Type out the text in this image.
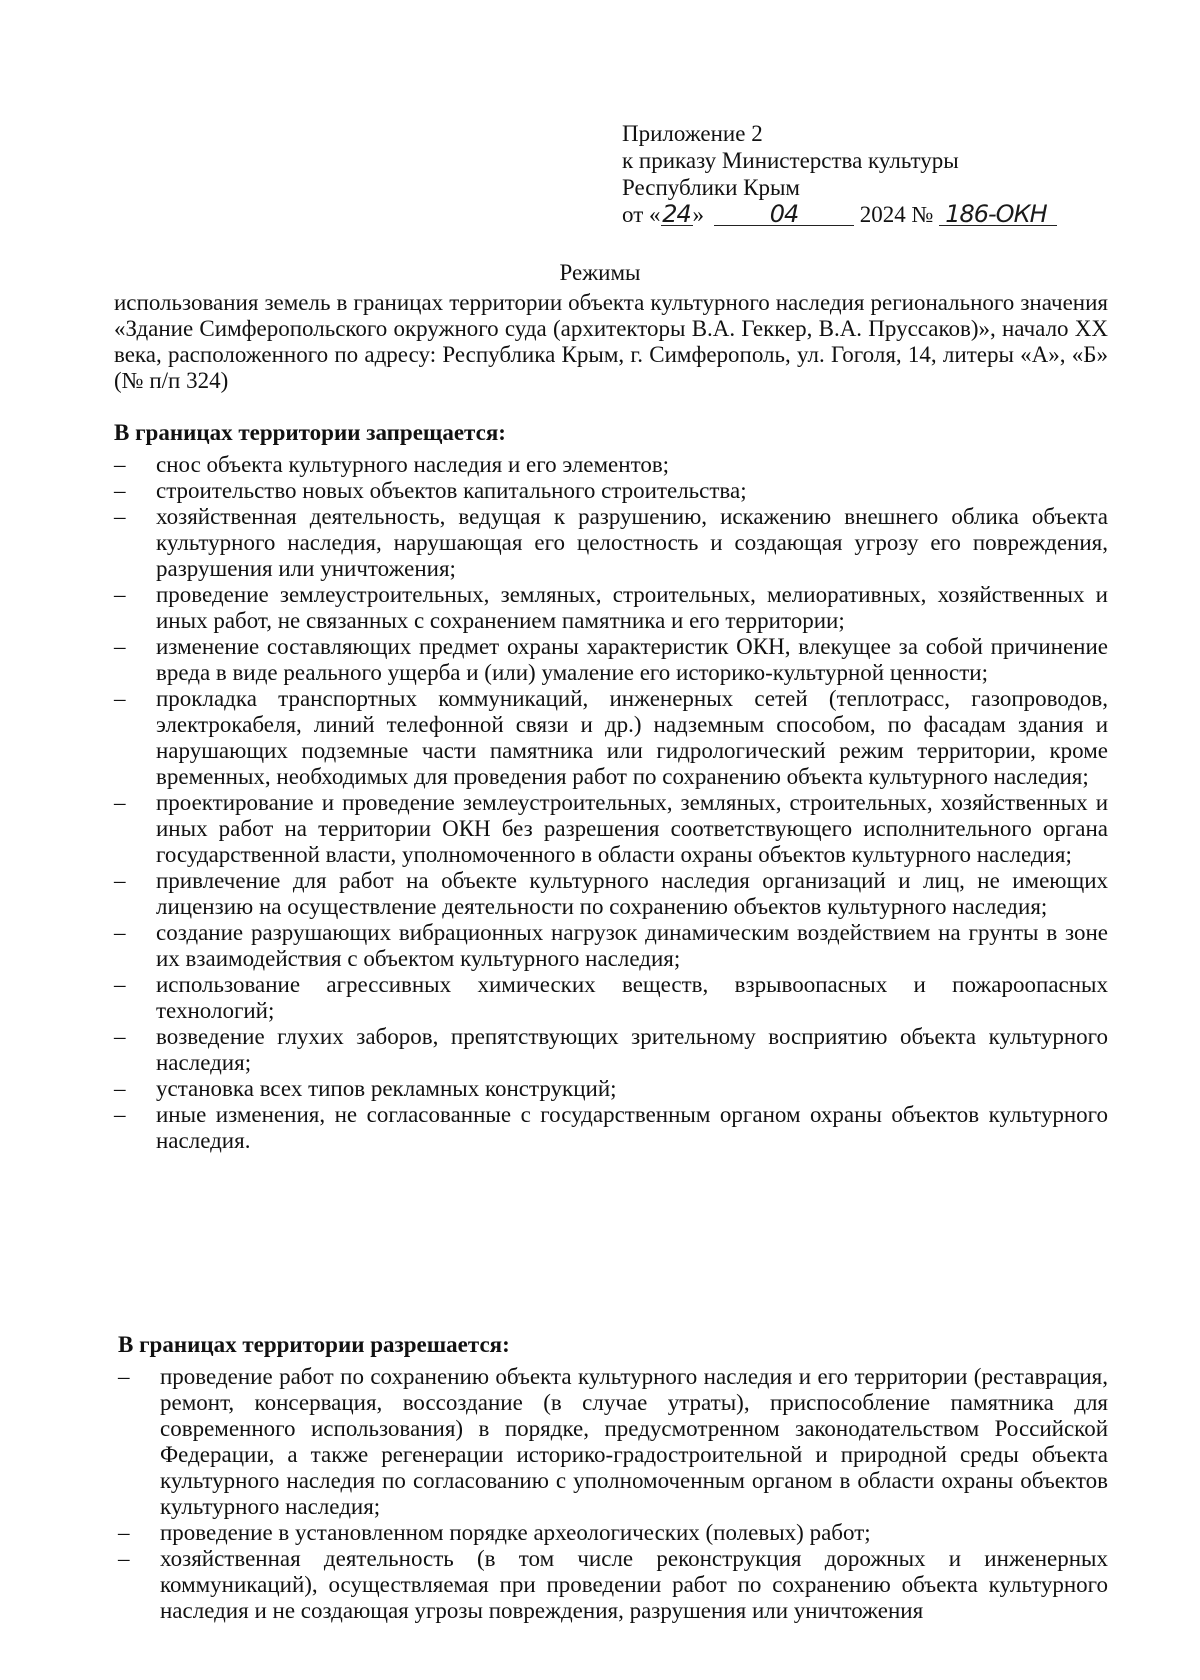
Приложение 2
к приказу Министерства культуры
Республики Крым
от «24»	04	2024 № 186-ОКН
Режимы
использования земель в границах территории объекта культурного наследия регионального значения «Здание Симферопольского окружного суда (архитекторы В.А. Геккер, В.А. Пруссаков)», начало XX века, расположенного по адресу: Республика Крым, г. Симферополь, ул. Гоголя, 14, литеры «А», «Б» (№ п/п 324)
В границах территории запрещается:
–	снос объекта культурного наследия и его элементов;
–	строительство новых объектов капитального строительства;
–	хозяйственная деятельность, ведущая к разрушению, искажению внешнего облика объекта культурного наследия, нарушающая его целостность и создающая угрозу его повреждения, разрушения или уничтожения;
–	проведение землеустроительных, земляных, строительных, мелиоративных, хозяйственных и иных работ, не связанных с сохранением памятника и его территории;
–	изменение составляющих предмет охраны характеристик ОКН, влекущее за собой причинение вреда в виде реального ущерба и (или) умаление его историко-культурной ценности;
–	прокладка транспортных коммуникаций, инженерных сетей (теплотрасс, газопроводов, электрокабеля, линий телефонной связи и др.) надземным способом, по фасадам здания и нарушающих подземные части памятника или гидрологический режим территории, кроме временных, необходимых для проведения работ по сохранению объекта культурного наследия;
–	проектирование и проведение землеустроительных, земляных, строительных, хозяйственных и иных работ на территории ОКН без разрешения соответствующего исполнительного органа государственной власти, уполномоченного в области охраны объектов культурного наследия;
–	привлечение для работ на объекте культурного наследия организаций и лиц, не имеющих лицензию на осуществление деятельности по сохранению объектов культурного наследия;
–	создание разрушающих вибрационных нагрузок динамическим воздействием на грунты в зоне их взаимодействия с объектом культурного наследия;
–	использование агрессивных химических веществ, взрывоопасных и пожароопасных технологий;
–	возведение глухих заборов, препятствующих зрительному восприятию объекта культурного наследия;
–	установка всех типов рекламных конструкций;
–	иные изменения, не согласованные с государственным органом охраны объектов культурного наследия.
В границах территории разрешается:
–	проведение работ по сохранению объекта культурного наследия и его территории (реставрация, ремонт, консервация, воссоздание (в случае утраты), приспособление памятника для современного использования) в порядке, предусмотренном законодательством Российской Федерации, а также регенерации историко-градостроительной и природной среды объекта культурного наследия по согласованию с уполномоченным органом в области охраны объектов культурного наследия;
–	проведение в установленном порядке археологических (полевых) работ;
–	хозяйственная деятельность (в том числе реконструкция дорожных и инженерных коммуникаций), осуществляемая при проведении работ по сохранению объекта культурного наследия и не создающая угрозы повреждения, разрушения или уничтожения
